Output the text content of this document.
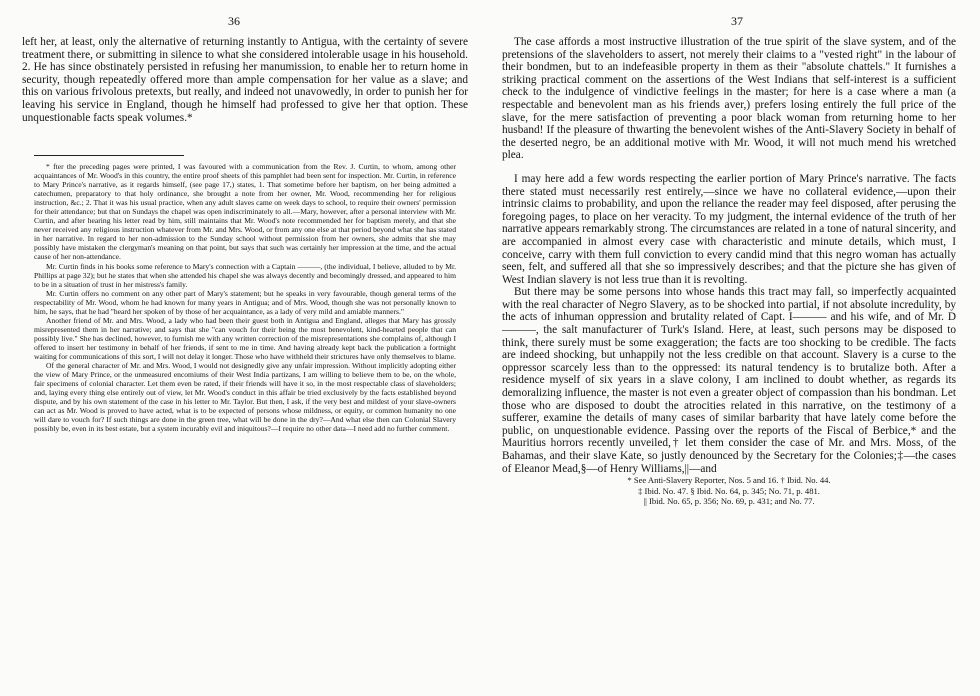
36

left her, at least, only the alternative of returning instantly to Antigua, with the certainty of severe treatment there, or submitting in silence to what she considered intolerable usage in his household. 2. He has since obstinately persisted in refusing her manumission, to enable her to return home in security, though repeatedly offered more than ample compensation for her value as a slave; and this on various frivolous pretexts, but really, and indeed not unavowedly, in order to punish her for leaving his service in England, though he himself had professed to give her that option. These unquestionable facts speak volumes.*

* fter the preceding pages were printed, I was favoured with a communication from the Rev. J. Curtin, to whom, among other acquaintances of Mr. Wood's in this country, the entire proof sheets of this pamphlet had been sent for inspection. Mr. Curtin, in reference to Mary Prince's narrative, as it regards himself, (see page 17,) states, 1. That sometime before her baptism, on her being admitted a catechumen, preparatory to that holy ordinance, she brought a note from her owner, Mr. Wood, recommending her for religious instruction, &c.; 2. That it was his usual practice, when any adult slaves came on week days to school, to require their owners' permission for their attendance; but that on Sundays the chapel was open indiscriminately to all.—Mary, however, after a personal interview with Mr. Curtin, and after hearing his letter read by him, still maintains that Mr. Wood's note recommended her for baptism merely, and that she never received any religious instruction whatever from Mr. and Mrs. Wood, or from any one else at that period beyond what she has stated in her narrative. In regard to her non-admission to the Sunday school without permission from her owners, she admits that she may possibly have mistaken the clergyman's meaning on that point, but says that such was certainly her impression at the time, and the actual cause of her non-attendance.

Mr. Curtin finds in his books some reference to Mary's connection with a Captain ———, (the individual, I believe, alluded to by Mr. Phillips at page 32); but he states that when she attended his chapel she was always decently and becomingly dressed, and appeared to him to be in a situation of trust in her mistress's family.

Mr. Curtin offers no comment on any other part of Mary's statement; but he speaks in very favourable, though general terms of the respectability of Mr. Wood, whom he had known for many years in Antigua; and of Mrs. Wood, though she was not personally known to him, he says, that he had "heard her spoken of by those of her acquaintance, as a lady of very mild and amiable manners."

Another friend of Mr. and Mrs. Wood, a lady who had been their guest both in Antigua and England, alleges that Mary has grossly misrepresented them in her narrative; and says that she "can vouch for their being the most benevolent, kind-hearted people that can possibly live." She has declined, however, to furnish me with any written correction of the misrepresentations she complains of, although I offered to insert her testimony in behalf of her friends, if sent to me in time. And having already kept back the publication a fortnight waiting for communications of this sort, I will not delay it longer. Those who have withheld their strictures have only themselves to blame.

Of the general character of Mr. and Mrs. Wood, I would not designedly give any unfair impression. Without implicitly adopting either the view of Mary Prince, or the unmeasured encomiums of their West India partizans, I am willing to believe them to be, on the whole, fair specimens of colonial character. Let them even be rated, if their friends will have it so, in the most respectable class of slaveholders; and, laying every thing else entirely out of view, let Mr. Wood's conduct in this affair be tried exclusively by the facts established beyond dispute, and by his own statement of the case in his letter to Mr. Taylor. But then, I ask, if the very best and mildest of your slave-owners can act as Mr. Wood is proved to have acted, what is to be expected of persons whose mildness, or equity, or common humanity no one will dare to vouch for? If such things are done in the green tree, what will be done in the dry?—And what else then can Colonial Slavery possibly be, even in its best estate, but a system incurably evil and iniquitous?—I require no other data—I need add no further comment.

37

The case affords a most instructive illustration of the true spirit of the slave system, and of the pretensions of the slaveholders to assert, not merely their claims to a "vested right" in the labour of their bondmen, but to an indefeasible property in them as their "absolute chattels." It furnishes a striking practical comment on the assertions of the West Indians that self-interest is a sufficient check to the indulgence of vindictive feelings in the master; for here is a case where a man (a respectable and benevolent man as his friends aver,) prefers losing entirely the full price of the slave, for the mere satisfaction of preventing a poor black woman from returning home to her husband! If the pleasure of thwarting the benevolent wishes of the Anti-Slavery Society in behalf of the deserted negro, be an additional motive with Mr. Wood, it will not much mend his wretched plea.

I may here add a few words respecting the earlier portion of Mary Prince's narrative. The facts there stated must necessarily rest entirely,—since we have no collateral evidence,—upon their intrinsic claims to probability, and upon the reliance the reader may feel disposed, after perusing the foregoing pages, to place on her veracity. To my judgment, the internal evidence of the truth of her narrative appears remarkably strong. The circumstances are related in a tone of natural sincerity, and are accompanied in almost every case with characteristic and minute details, which must, I conceive, carry with them full conviction to every candid mind that this negro woman has actually seen, felt, and suffered all that she so impressively describes; and that the picture she has given of West Indian slavery is not less true than it is revolting.

But there may be some persons into whose hands this tract may fall, so imperfectly acquainted with the real character of Negro Slavery, as to be shocked into partial, if not absolute incredulity, by the acts of inhuman oppression and brutality related of Capt. I——— and his wife, and of Mr. D———, the salt manufacturer of Turk's Island. Here, at least, such persons may be disposed to think, there surely must be some exaggeration; the facts are too shocking to be credible. The facts are indeed shocking, but unhappily not the less credible on that account. Slavery is a curse to the oppressor scarcely less than to the oppressed: its natural tendency is to brutalize both. After a residence myself of six years in a slave colony, I am inclined to doubt whether, as regards its demoralizing influence, the master is not even a greater object of compassion than his bondman. Let those who are disposed to doubt the atrocities related in this narrative, on the testimony of a sufferer, examine the details of many cases of similar barbarity that have lately come before the public, on unquestionable evidence. Passing over the reports of the Fiscal of Berbice,* and the Mauritius horrors recently unveiled,† let them consider the case of Mr. and Mrs. Moss, of the Bahamas, and their slave Kate, so justly denounced by the Secretary for the Colonies;‡—the cases of Eleanor Mead,§—of Henry Williams,||—and

* See Anti-Slavery Reporter, Nos. 5 and 16. † Ibid. No. 44.

‡ Ibid. No. 47. § Ibid. No. 64, p. 345; No. 71, p. 481.

|| Ibid. No. 65, p. 356; No. 69, p. 431; and No. 77.
